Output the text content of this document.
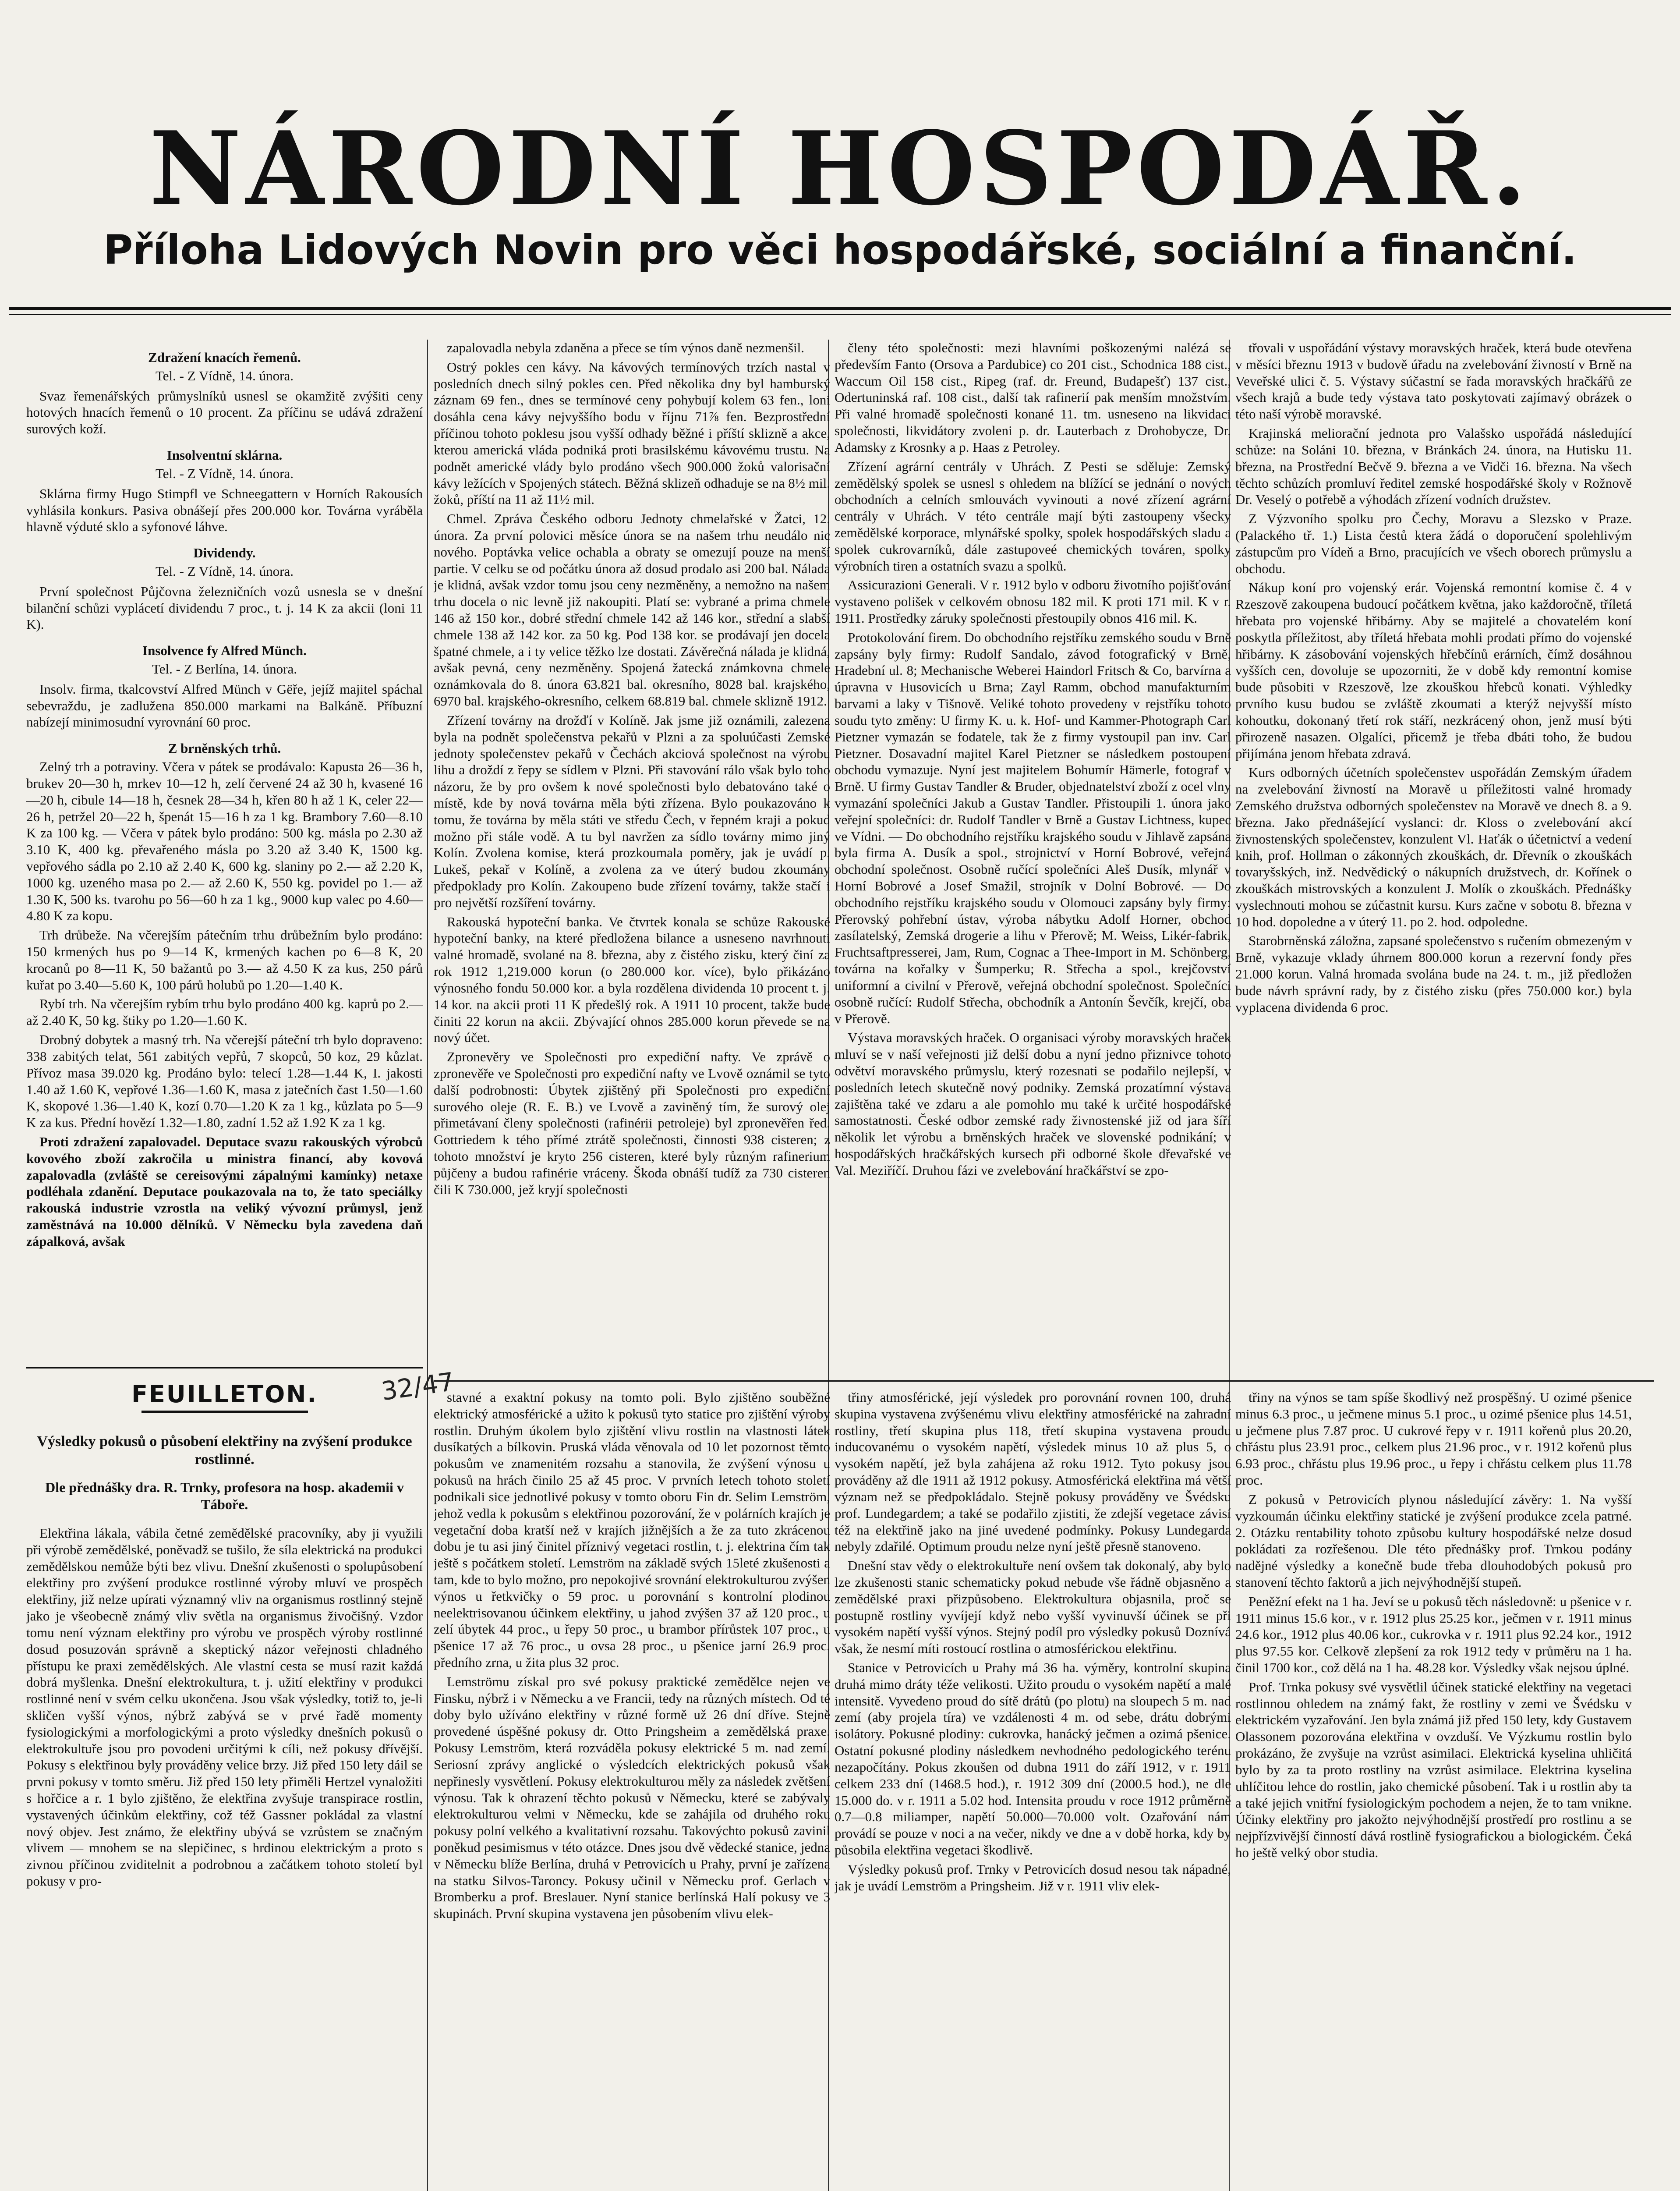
NÁRODNÍ HOSPODÁŘ.
Příloha Lidových Novin pro věci hospodářské, sociální a finanční.
Zdražení knacích řemenů.
Tel. - Z Vídně, 14. února.

Svaz řemenářských průmyslníků usnesl se okamžitě zvýšiti ceny hotových hnacích řemenů o 10 procent. Za příčinu se udává zdražení surových koží.

Insolventní sklárna.
Tel. - Z Vídně, 14. února.

Sklárna firmy Hugo Stimpfl ve Schneegattern v Horních Rakousích vyhlásila konkurs. Pasiva obnášejí přes 200.000 kor. Továrna vyráběla hlavně výduté sklo a syfonové láhve.

Dividendy.
Tel. - Z Vídně, 14. února.

První společnost Půjčovna železničních vozů usnesla se v dnešní bilanční schůzi vyplácetí dividendu 7 proc., t. j. 14 K za akcii (loni 11 K).

Insolvence fy Alfred Münch.
Tel. - Z Berlína, 14. února.

Insolv. firma, tkalcovství Alfred Münch v Gёře, jejíž majitel spáchal sebevraždu, je zadlužena 850.000 markami na Balkáně. Příbuzní nabízejí minimosudní vyrovnání 60 proc.

Z brněnských trhů.

Zelný trh a potraviny. Včera v pátek se prodávalo: Kapusta 26—36 h, brukev 20—30 h, mrkev 10—12 h, zelí červené 24 až 30 h, kvasené 16—20 h, cibule 14—18 h, česnek 28—34 h, křen 80 h až 1 K, celer 22—26 h, petržel 20—22 h, špenát 15—16 h za 1 kg. Brambory 7.60—8.10 K za 100 kg. — Včera v pátek bylo prodáno: 500 kg. másla po 2.30 až 3.10 K, 400 kg. převařeného másla po 3.20 až 3.40 K, 1500 kg. vepřového sádla po 2.10 až 2.40 K, 600 kg. slaniny po 2.— až 2.20 K, 1000 kg. uzeného masa po 2.— až 2.60 K, 550 kg. povidel po 1.— až 1.30 K, 500 ks. tvarohu po 56—60 h za 1 kg., 9000 kup valec po 4.60—4.80 K za kopu.

Trh drůbeže. Na včerejším pátečním trhu drůbežním bylo prodáno: 150 krmených hus po 9—14 K, krmených kachen po 6—8 K, 20 krocanů po 8—11 K, 50 bažantů po 3.— až 4.50 K za kus, 250 párů kuřat po 3.40—5.60 K, 100 párů holubů po 1.20—1.40 K.

Rybí trh. Na včerejším rybím trhu bylo prodáno 400 kg. kaprů po 2.— až 2.40 K, 50 kg. štiky po 1.20—1.60 K.

Drobný dobytek a masný trh. Na včerejší páteční trh bylo dopraveno: 338 zabitých telat, 561 zabitých vepřů, 7 skopců, 50 koz, 29 kůzlat. Přívoz masa 39.020 kg. Prodáno bylo: telecí 1.28—1.44 K, I. jakosti 1.40 až 1.60 K, vepřové 1.36—1.60 K, masa z jatečních čast 1.50—1.60 K, skopové 1.36—1.40 K, kozí 0.70—1.20 K za 1 kg., kůzlata po 5—9 K za kus. Přední hovězí 1.32—1.80, zadní 1.52 až 1.92 K za 1 kg.

Proti zdražení zapalovadel. Deputace svazu rakouských výrobců kovového zboží zakročila u ministra financí, aby kovová zapalovadla (zvláště se cereisovými zápalnými kamínky) netaxe podléhala zdanění. Deputace poukazovala na to, že tato speciálky rakouská industrie vzrostla na veliký vývozní průmysl, jenž zaměstnává na 10.000 dělníků. V Německu byla zavedena daň zápalková, avšak

zapalovadla nebyla zdaněna a přece se tím výnos daně nezmenšil.

Ostrý pokles cen kávy. Na kávových termínových trzích nastal v posledních dnech silný pokles cen. Před několika dny byl hamburský záznam 69 fen., dnes se termínové ceny pohybují kolem 63 fen., loni dosáhla cena kávy nejvyššího bodu v říjnu 71⅞ fen. Bezprostřední příčinou tohoto poklesu jsou vyšší odhady běžné i příští sklizně a akce, kterou americká vláda podniká proti brasilskému kávovému trustu. Na podnět americké vlády bylo prodáno všech 900.000 žoků valorisační kávy ležících v Spojených státech. Běžná sklizeň odhaduje se na 8½ mil. žoků, příští na 11 až 11½ mil.

Chmel. Zpráva Českého odboru Jednoty chmelařské v Žatci, 12. února. Za první polovici měsíce února se na našem trhu neudálo nic nového. Poptávka velice ochabla a obraty se omezují pouze na menší partie. V celku se od počátku února až dosud prodalo asi 200 bal. Nálada je klidná, avšak vzdor tomu jsou ceny nezměněny, a nemožno na našem trhu docela o nic levně již nakoupiti. Platí se: vybrané a prima chmele 146 až 150 kor., dobré střední chmele 142 až 146 kor., střední a slabší chmele 138 až 142 kor. za 50 kg. Pod 138 kor. se prodávají jen docela špatné chmele, a i ty velice těžko lze dostati. Závěrečná nálada je klidná, avšak pevná, ceny nezměněny. Spojená žatecká známkovna chmele oznámkovala do 8. února 63.821 bal. okresního, 8028 bal. krajského, 6970 bal. krajského-okresního, celkem 68.819 bal. chmele sklizně 1912.

Zřízení továrny na drožďí v Kolíně. Jak jsme již oznámili, zalezena byla na podnět společenstva pekařů v Plzni a za spoluúčasti Zemské jednoty společenstev pekařů v Čechách akciová společnost na výrobu lihu a droždí z řepy se sídlem v Plzni. Při stavování rálo však bylo toho názoru, že by pro ovšem k nové společnosti bylo debatováno také o místě, kde by nová továrna měla býti zřízena. Bylo poukazováno k tomu, že továrna by měla státi ve středu Čech, v řepném kraji a pokud možno při stále vodě. A tu byl navržen za sídlo továrny mimo jiný Kolín. Zvolena komise, která prozkoumala poměry, jak je uvádí p. Lukeš, pekař v Kolíně, a zvolena za ve úterý budou zkoumány předpoklady pro Kolín. Zakoupeno bude zřízení továrny, takže stačí i pro největší rozšíření továrny.

Rakouská hypoteční banka. Ve čtvrtek konala se schůze Rakouské hypoteční banky, na které předložena bilance a usneseno navrhnouti valné hromadě, svolané na 8. března, aby z čistého zisku, který činí za rok 1912 1,219.000 korun (o 280.000 kor. více), bylo přikázáno výnosného fondu 50.000 kor. a byla rozdělena dividenda 10 procent t. j. 14 kor. na akcii proti 11 K předešlý rok. A 1911 10 procent, takže bude činiti 22 korun na akcii. Zbývající ohnos 285.000 korun převede se na nový účet.

Zpronevěry ve Společnosti pro expediční nafty. Ve zprávě o zpronevěře ve Společnosti pro expediční nafty ve Lvově oznámil se tyto další podrobnosti: Úbytek zjištěný při Společnosti pro expediční surového oleje (R. E. B.) ve Lvově a zaviněný tím, že surový olej přimetávaní členy společnosti (rafinérii petroleje) byl zpronevěřen řed. Gottriedem k tého přímé ztrátě společnosti, činnosti 938 cisteren; z tohoto množství je kryto 256 cisteren, které byly různým rafinerium půjčeny a budou rafinérie vráceny. Škoda obnáší tudíž za 730 cisteren čili K 730.000, jež kryjí společnosti

členy této společnosti: mezi hlavními poškozenými nalézá se především Fanto (Orsova a Pardubice) co 201 cist., Schodnica 188 cist., Waccum Oil 158 cist., Ripeg (raf. dr. Freund, Budapešť) 137 cist., Odertuninská raf. 108 cist., další tak rafinerií pak menším množstvím. Při valné hromadě společnosti konané 11. tm. usneseno na likvidaci společnosti, likvidátory zvoleni p. dr. Lauterbach z Drohobycze, Dr. Adamsky z Krosnky a p. Haas z Petroley.

Zřízení agrární centrály v Uhrách. Z Pesti se sděluje: Zemský zemědělský spolek se usnesl s ohledem na blížící se jednání o nových obchodních a celních smlouvách vyvinouti a nové zřízení agrární centrály v Uhrách. V této centrále mají býti zastoupeny všecky zemědělské korporace, mlynářské spolky, spolek hospodářských sladu a spolek cukrovarníků, dále zastupoveé chemických továren, spolky výrobních tiren a ostatních svazu a spolků.

Assicurazioni Generali. V r. 1912 bylo v odboru životního pojišťování vystaveno polišek v celkovém obnosu 182 mil. K proti 171 mil. K v r. 1911. Prostředky záruky společnosti přestoupily obnos 416 mil. K.

Protokolování firem. Do obchodního rejstříku zemského soudu v Brně zapsány byly firmy: Rudolf Sandalo, závod fotografický v Brně, Hradební ul. 8; Mechanische Weberei Haindorl Fritsch & Co, barvírna a úpravna v Husovicích u Brna; Zayl Ramm, obchod manufakturním barvami a laky v Tišnově. Veliké tohoto provedeny v rejstříku tohoto soudu tyto změny: U firmy K. u. k. Hof- und Kammer-Photograph Carl Pietzner vymazán se fodatele, tak že z firmy vystoupil pan inv. Carl Pietzner. Dosavadní majitel Karel Pietzner se následkem postoupení obchodu vymazuje. Nyní jest majitelem Bohumír Hämerle, fotograf v Brně. U firmy Gustav Tandler & Bruder, objednatelství zboží z ocel vlny vymazání společníci Jakub a Gustav Tandler. Přistoupili 1. února jako veřejní společníci: dr. Rudolf Tandler v Brně a Gustav Lichtness, kupec ve Vídni. — Do obchodního rejstříku krajského soudu v Jihlavě zapsána byla firma A. Dusík a spol., strojnictví v Horní Bobrové, veřejná obchodní společnost. Osobně ručící společníci Aleš Dusík, mlynář v Horní Bobrové a Josef Smažil, strojník v Dolní Bobrové. — Do obchodního rejstříku krajského soudu v Olomouci zapsány byly firmy: Přerovský pohřební ústav, výroba nábytku Adolf Horner, obchod zasílatelský, Zemská drogerie a lihu v Přerově; M. Weiss, Likér-fabrik, Fruchtsaftpresserei, Jam, Rum, Cognac a Thee-Import in M. Schönberg, továrna na kořalky v Šumperku; R. Střecha a spol., krejčovství uniformní a civilní v Přerově, veřejná obchodní společnost. Společníci osobně ručící: Rudolf Střecha, obchodník a Antonín Ševčík, krejčí, oba v Přerově.

Výstava moravských hraček. O organisaci výroby moravských hraček mluví se v naší veřejnosti již delší dobu a nyní jedno přiznivce tohoto odvětví moravského průmyslu, který rozesnati se podařilo nejlepší, v posledních letech skutečně nový podniky. Zemská prozatímní výstava zajištěna také ve zdaru a ale pomohlo mu také k určité hospodářské samostatnosti. České odbor zemské rady živnostenské již od jara šíří několik let výrobu a brněnských hraček ve slovenské podnikání; v hospodářských hračkářských kursech při odborné škole dřevařské ve Val. Meziříčí. Druhou fázi ve zvelebování hračkářství se zpo-

třovali v uspořádání výstavy moravských hraček, která bude otevřena v měsíci březnu 1913 v budově úřadu na zvelebování živností v Brně na Veveřské ulici č. 5. Výstavy súčastní se řada moravských hračkářů ze všech krajů a bude tedy výstava tato poskytovati zajímavý obrázek o této naší výrobě moravské.

Krajinská meliorační jednota pro Valašsko uspořádá následující schůze: na Soláni 10. března, v Bránkách 24. února, na Hutisku 11. března, na Prostřední Bečvě 9. března a ve Vidči 16. března. Na všech těchto schůzích promluví ředitel zemské hospodářské školy v Rožnově Dr. Veselý o potřebě a výhodách zřízení vodních družstev.

Z Výzvoního spolku pro Čechy, Moravu a Slezsko v Praze. (Palackého tř. 1.) Lista čestů ktera žádá o doporučení spolehlivým zástupcům pro Vídeň a Brno, pracujících ve všech oborech průmyslu a obchodu.

Nákup koní pro vojenský erár. Vojenská remontní komise č. 4 v Rzeszově zakoupena budoucí počátkem května, jako každoročně, tříletá hřebata pro vojenské hřibárny. Aby se majitelé a chovatelém koní poskytla příležitost, aby tříletá hřebata mohli prodati přímo do vojenské hřibárny. K zásobování vojenských hřebčínů erárních, čímž dosáhnou vyšších cen, dovoluje se upozorniti, že v době kdy remontní komise bude působiti v Rzeszově, lze zkouškou hřebců konati. Výhledky prvního kusu budou se zvláště zkoumati a kterýž nejvyšší místo kohoutku, dokonaný třetí rok stáří, nezkrácený ohon, jenž musí býti přirozeně nasazen. Olgalíci, přicemž je třeba dbáti toho, že budou přijímána jenom hřebata zdravá.

Kurs odborných účetních společenstev uspořádán Zemským úřadem na zvelebování živností na Moravě u příležitosti valné hromady Zemského družstva odborných společenstev na Moravě ve dnech 8. a 9. března. Jako přednášející vyslanci: dr. Kloss o zvelebování akcí živnostenských společenstev, konzulent Vl. Haťák o účetnictví a vedení knih, prof. Hollman o zákonných zkouškách, dr. Dřevník o zkouškách tovaryšských, inž. Nedvědický o nákupních družstvech, dr. Kořínek o zkouškách mistrovských a konzulent J. Molík o zkouškách. Přednášky vyslechnouti mohou se zúčastnit kursu. Kurs začne v sobotu 8. března v 10 hod. dopoledne a v úterý 11. po 2. hod. odpoledne.

Starobrněnská záložna, zapsané společenstvo s ručením obmezeným v Brně, vykazuje vklady úhrnem 800.000 korun a rezervní fondy přes 21.000 korun. Valná hromada svolána bude na 24. t. m., již předložen bude návrh správní rady, by z čistého zisku (přes 750.000 kor.) byla vyplacena dividenda 6 proc.

FEUILLETON.	32/47
Výsledky pokusů o působení elektřiny na zvýšení produkce rostlinné.
Dle přednášky dra. R. Trnky, profesora na hosp. akademii v Táboře.

Elektřina lákala, vábila četné zemědělské pracovníky, aby ji využili při výrobě zemědělské, poněvadž se tušilo, že síla elektrická na produkci zemědělskou nemůže býti bez vlivu. Dnešní zkušenosti o spolupůsobení elektřiny pro zvýšení produkce rostlinné výroby mluví ve prospěch elektřiny, již nelze upírati významný vliv na organismus rostlinný stejně jako je všeobecně známý vliv světla na organismus živočišný. Vzdor tomu není význam elektřiny pro výrobu ve prospěch výroby rostlinné dosud posuzován správně a skeptický názor veřejnosti chladného přístupu ke praxi zemědělských. Ale vlastní cesta se musí razit každá dobrá myšlenka. Dnešní elektrokultura, t. j. užití elektřiny v produkci rostlinné není v svém celku ukončena. Jsou však výsledky, totiž to, je-li skličen vyšší výnos, nýbrž zabývá se v prvé řadě momenty fysiologickými a morfologickými a proto výsledky dnešních pokusů o elektrokultuře jsou pro povodeni určitými k cíli, než pokusy dřívější. Pokusy s elektřinou byly prováděny velice brzy. Již před 150 lety dáil se prvni pokusy v tomto směru. Již před 150 lety přiměli Hertzel vynaložiti s hořčice a r. 1 bylo zjištěno, že elektřina zvyšuje transpirace rostlin, vystavených účinkům elektřiny, což též Gassner pokládal za vlastní nový objev. Jest známo, že elektřiny ubývá se vzrůstem se značným vlivem — mnohem se na slepičinec, s hrdinou elektrickým a proto s zivnou příčinou zviditelnit a podrobnou a začátkem tohoto století byl pokusy v pro-

stavné a exaktní pokusy na tomto poli. Bylo zjištěno souběžné elektrický atmosférické a užito k pokusů tyto statice pro zjištění výroby rostlin. Druhým úkolem bylo zjištění vlivu rostlin na vlastnosti látek dusíkatých a bílkovin. Pruská vláda věnovala od 10 let pozornost těmto pokusům ve znamenitém rozsahu a stanovila, že zvýšení výnosu u pokusů na hrách činilo 25 až 45 proc. V prvních letech tohoto století podnikali sice jednotlivé pokusy v tomto oboru Fin dr. Selim Lemström, jehož vedla k pokusům s elektřinou pozorování, že v polárních krajích je vegetační doba kratší než v krajích jižnějších a že za tuto zkrácenou dobu je tu asi jiný činitel příznivý vegetaci rostlin, t. j. elektrina čím tak ještě s počátkem století. Lemström na základě svých 15leté zkušenosti a tam, kde to bylo možno, pro nepokojivé srovnání elektrokulturou zvýšen výnos u řetkvičky o 59 proc. u porovnání s kontrolní plodinou neelektrisovanou účinkem elektřiny, u jahod zvýšen 37 až 120 proc., u zelí úbytek 44 proc., u řepy 50 proc., u brambor přírůstek 107 proc., u pšenice 17 až 76 proc., u ovsa 28 proc., u pšenice jarní 26.9 proc. předního zrna, u žita plus 32 proc.

Lemströmu získal pro své pokusy praktické zemědělce nejen ve Finsku, nýbrž i v Německu a ve Francii, tedy na různých místech. Od té doby bylo užíváno elektřiny v různé formě už 26 dní dříve. Stejně provedené úspěšné pokusy dr. Otto Pringsheim a zemědělská praxe. Pokusy Lemström, která rozváděla pokusy elektrické 5 m. nad zemí. Seriosní zprávy anglické o výsledcích elektrických pokusů však nepřinesly vysvětlení. Pokusy elektrokulturou měly za následek zvětšení výnosu. Tak k ohrazení těchto pokusů v Německu, které se zabývaly elektrokulturou velmi v Německu, kde se zahájila od druhého roku pokusy polní velkého a kvalitativní rozsahu. Takovýchto pokusů zavinil poněkud pesimismus v této otázce. Dnes jsou dvě vědecké stanice, jedna v Německu blíže Berlína, druhá v Petrovicích u Prahy, první je zařízena na statku Silvos-Taroncy. Pokusy učinil v Německu prof. Gerlach v Bromberku a prof. Breslauer. Nyní stanice berlínská Halí pokusy ve 3 skupinách. První skupina vystavena jen působením vlivu elek-

třiny atmosférické, její výsledek pro porovnání rovnen 100, druhá skupina vystavena zvýšenému vlivu elektřiny atmosférické na zahradní rostliny, třetí skupina plus 118, třetí skupina vystavena proudu inducovanému o vysokém napětí, výsledek minus 10 až plus 5, o vysokém napětí, jež byla zahájena až roku 1912. Tyto pokusy jsou prováděny až dle 1911 až 1912 pokusy. Atmosférická elektřina má větší význam než se předpokládalo. Stejně pokusy prováděny ve Švédsku prof. Lundegardem; a také se podařilo zjistiti, že zdejší vegetace závisí též na elektřině jako na jiné uvedené podmínky. Pokusy Lundegarda nebyly zdařilé. Optimum proudu nelze nyní ještě přesně stanoveno.

Dnešní stav vědy o elektrokultuře není ovšem tak dokonalý, aby bylo lze zkušenosti stanic schematicky pokud nebude vše řádně objasněno a zemědělské praxi přizpůsobeno. Elektrokultura objasnila, proč se postupně rostliny vyvíjejí když nebo vyšší vyvinuvší účinek se při vysokém napětí vyšší výnos. Stejný podíl pro výsledky pokusů Doznívá však, že nesmí míti rostoucí rostlina o atmosférickou elektřinu.

Stanice v Petrovicích u Prahy má 36 ha. výměry, kontrolní skupina druhá mimo dráty téže velikosti. Užito proudu o vysokém napětí a malé intensitě. Vyvedeno proud do sítě drátů (po plotu) na sloupech 5 m. nad zemí (aby projela tíra) ve vzdálenosti 4 m. od sebe, drátu dobrými isolátory. Pokusné plodiny: cukrovka, hanácký ječmen a ozimá pšenice. Ostatní pokusné plodiny následkem nevhodného pedologického terénu nezapočítány. Pokus zkoušen od dubna 1911 do září 1912, v r. 1911 celkem 233 dní (1468.5 hod.), r. 1912 309 dní (2000.5 hod.), ne dle 15.000 do. v r. 1911 a 5.02 hod. Intensita proudu v roce 1912 průměrně 0.7—0.8 miliamper, napětí 50.000—70.000 volt. Ozařování nám provádí se pouze v noci a na večer, nikdy ve dne a v době horka, kdy by působila elektřina vegetaci škodlivě.

Výsledky pokusů prof. Trnky v Petrovicích dosud nesou tak nápadné, jak je uvádí Lemström a Pringsheim. Již v r. 1911 vliv elek-

třiny na výnos se tam spíše škodlivý než prospěšný. U ozimé pšenice minus 6.3 proc., u ječmene minus 5.1 proc., u ozimé pšenice plus 14.51, u ječmene plus 7.87 proc. U cukrové řepy v r. 1911 kořenů plus 20.20, chřástu plus 23.91 proc., celkem plus 21.96 proc., v r. 1912 kořenů plus 6.93 proc., chřástu plus 19.96 proc., u řepy i chřástu celkem plus 11.78 proc.

Z pokusů v Petrovicích plynou následující závěry: 1. Na vyšší vyzkoumán účinku elektřiny statické je zvýšení produkce zcela patrné. 2. Otázku rentability tohoto způsobu kultury hospodářské nelze dosud pokládati za rozřešenou. Dle této přednášky prof. Trnkou podány nadějné výsledky a konečně bude třeba dlouhodobých pokusů pro stanovení těchto faktorů a jich nejvýhodnější stupeň.

Peněžní efekt na 1 ha. Jeví se u pokusů těch následovně: u pšenice v r. 1911 minus 15.6 kor., v r. 1912 plus 25.25 kor., ječmen v r. 1911 minus 24.6 kor., 1912 plus 40.06 kor., cukrovka v r. 1911 plus 92.24 kor., 1912 plus 97.55 kor. Celkově zlepšení za rok 1912 tedy v průměru na 1 ha. činil 1700 kor., což dělá na 1 ha. 48.28 kor. Výsledky však nejsou úplné.

Prof. Trnka pokusy své vysvětlil účinek statické elektřiny na vegetaci rostlinnou ohledem na známý fakt, že rostliny v zemi ve Švédsku v elektrickém vyzařování. Jen byla známá již před 150 lety, kdy Gustavem Olassonem pozorována elektřina v ovzduší. Ve Výzkumu rostlin bylo prokázáno, že zvyšuje na vzrůst asimilaci. Elektrická kyselina uhličitá bylo by za ta proto rostliny na vzrůst asimilace. Elektrina kyselina uhlíčitou lehce do rostlin, jako chemické působení. Tak i u rostlin aby ta a také jejich vnitřní fysiologickým pochodem a nejen, že to tam vnikne. Účinky elektřiny pro jakožto nejvýhodnější prostředí pro rostlinu a se nejpřízvivější činností dává rostlině fysiografickou a biologickém. Čeká ho ještě velký obor studia.
